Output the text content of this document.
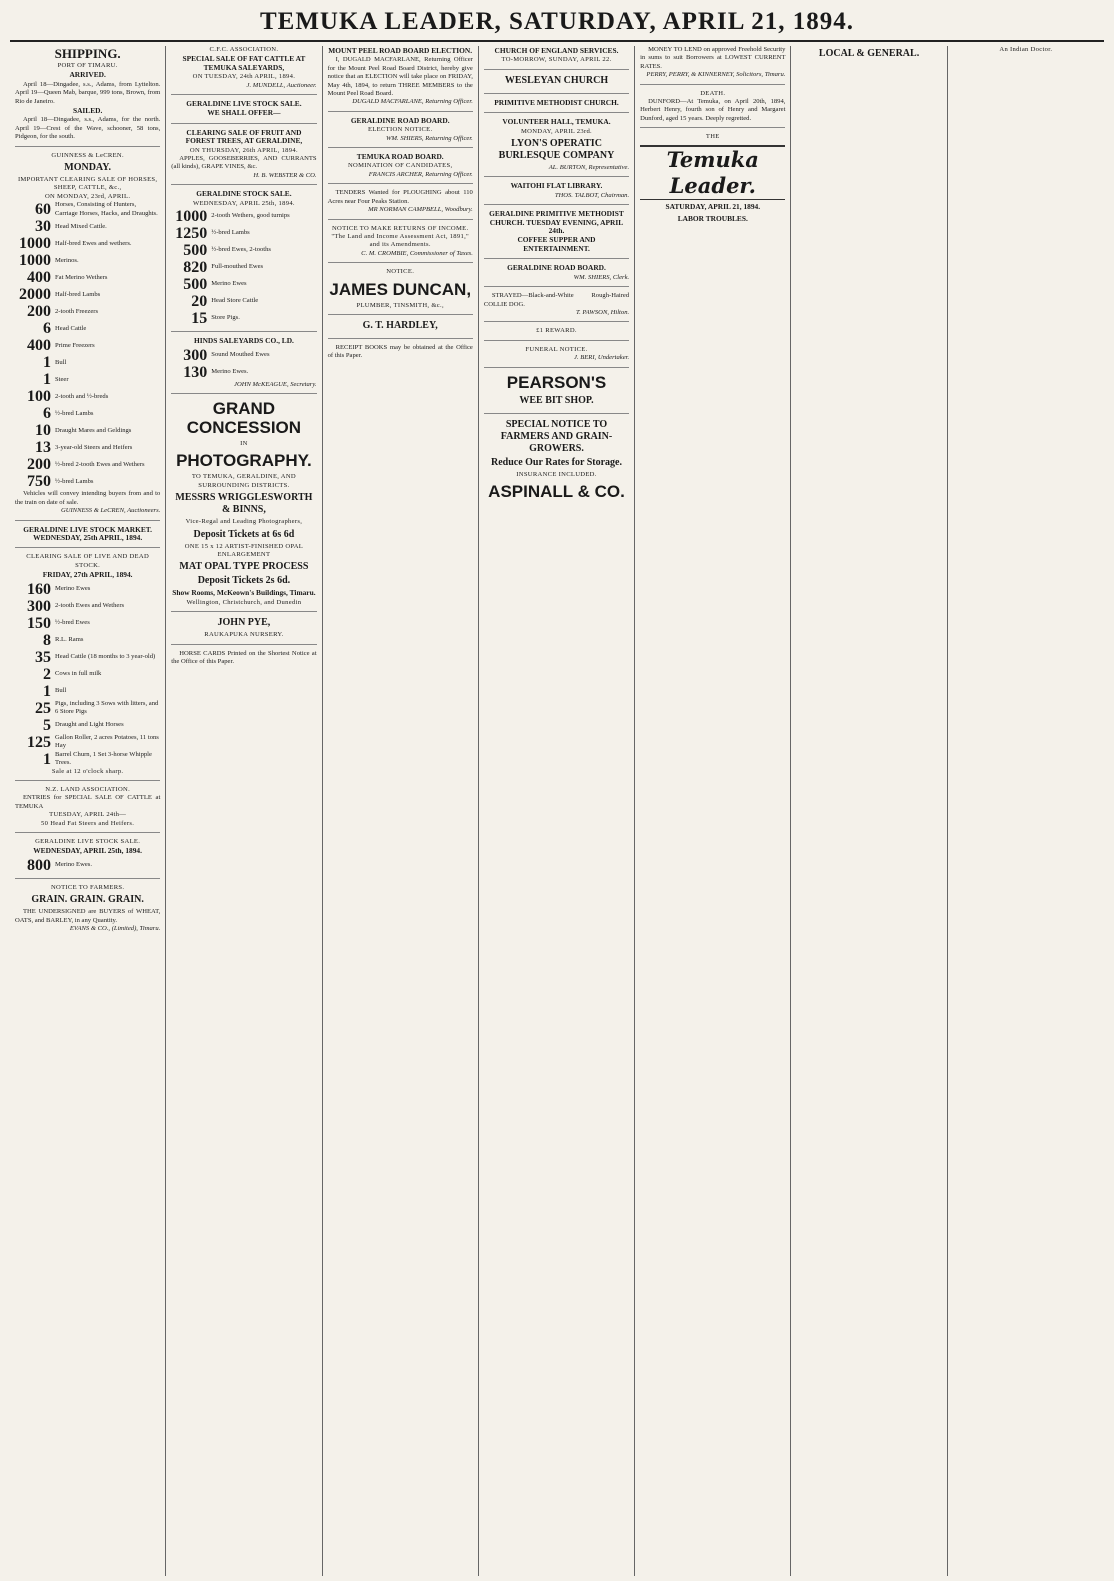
TEMUKA LEADER, SATURDAY, APRIL 21, 1894.
SHIPPING.
PORT OF TIMARU.
ARRIVED.
April 18—Dingadee, s.s., Adams, from Lyttelton. April 19—Queen Mab, barque, 999 tons, Brown, from Rio de Janeiro.
SAILED.
April 18—Dingadee, s.s., Adams, for the north. April 19—Crest of the Wave, schooner, 58 tons, Pidgeon, for the south.
GUINNESS & LeCREN.
MONDAY.
IMPORTANT CLEARING SALE OF HORSES, SHEEP, CATTLE, &c.,
ON MONDAY, 23rd, APRIL.
60 Horses, Consisting of Hunters, Carriage Horses, Hacks, and Draughts.
30 Head Mixed Cattle.
1000 Half-bred Ewes and wethers.
1000 Merinos.
400 Fat Merino Wethers
2000 Half-bred Lambs
200 2-tooth Freezers
6 Head Cattle
400 Prime Freezers
1 Bull
1 Steer
100 2-tooth and ½-breds
6 ½-bred Lambs
10 Draught Mares and Geldings
13 3-year-old Steers and Heifers
200 ½-bred 2-tooth Ewes and Wethers
750 ½-bred Lambs
Vehicles will convey intending buyers from and to the train on date of sale.
GUINNESS & LeCREN, Auctioneers.
GERALDINE LIVE STOCK MARKET. WEDNESDAY, 25th APRIL, 1894.
CLEARING SALE OF LIVE AND DEAD STOCK.
FRIDAY, 27th APRIL, 1894.
160 Merino Ewes
300 2-tooth Ewes and Wethers
150 ½-bred Ewes
8 R.L. Rams
35 Head Cattle (18 months to 3 year-old)
2 Cows in full milk
1 Bull
25 Pigs, including 3 Sows with litters, and 6 Store Pigs
5 Draught and Light Horses
125 Gallon Roller, 2 acres Potatoes, 11 tons Hay
1 Barrel Churn, 1 Set 3-horse Whipple Trees.
Sale at 12 o'clock sharp.
N.Z. LAND ASSOCIATION.
ENTRIES for SPECIAL SALE OF CATTLE at TEMUKA
TUESDAY, APRIL 24th—
50 Head Fat Steers and Heifers.
GERALDINE LIVE STOCK SALE.
WEDNESDAY, APRIL 25th, 1894.
800 Merino Ewes.
NOTICE TO FARMERS.
GRAIN. GRAIN. GRAIN.
THE UNDERSIGNED are BUYERS of WHEAT, OATS, and BARLEY, in any Quantity.
EVANS & CO., (Limited), Timaru.
C.F.C. ASSOCIATION.
SPECIAL SALE OF FAT CATTLE AT TEMUKA SALEYARDS,
ON TUESDAY, 24th APRIL, 1894.
J. MUNDELL, Auctioneer.
GERALDINE LIVE STOCK SALE.
WE SHALL OFFER—
CLEARING SALE OF FRUIT AND FOREST TREES, AT GERALDINE,
ON THURSDAY, 26th APRIL, 1894.
APPLES, GOOSEBERRIES, AND CURRANTS (all kinds), GRAPE VINES, &c.
H. B. WEBSTER & CO.
GERALDINE STOCK SALE.
WEDNESDAY, APRIL 25th, 1894.
1000 2-tooth Wethers, good turnips
1250 ½-bred Lambs
500 ½-bred Ewes, 2-tooths
820 Full-mouthed Ewes
500 Merino Ewes
20 Head Store Cattle
15 Store Pigs.
HINDS SALEYARDS CO., LD.
300 Sound Mouthed Ewes
130 Merino Ewes.
JOHN McKEAGUE, Secretary.
GRAND CONCESSION
IN
PHOTOGRAPHY.
TO TEMUKA, GERALDINE, AND SURROUNDING DISTRICTS.
MESSRS WRIGGLESWORTH & BINNS,
Vice-Regal and Leading Photographers,
Deposit Tickets at 6s 6d
ONE 15 x 12 ARTIST-FINISHED OPAL ENLARGEMENT
MAT OPAL TYPE PROCESS
Deposit Tickets 2s 6d.
Show Rooms, McKeown's Buildings, Timaru.
Wellington, Christchurch, and Dunedin
JOHN PYE,
RAUKAPUKA NURSERY.
HORSE CARDS Printed on the Shortest Notice at the Office of this Paper.
MOUNT PEEL ROAD BOARD ELECTION.
I, DUGALD MACFARLANE, Returning Officer for the Mount Peel Road Board District, hereby give notice that an ELECTION will take place on FRIDAY, May 4th, 1894, to return THREE MEMBERS to the Mount Peel Road Board.
DUGALD MACFARLANE, Returning Officer.
GERALDINE ROAD BOARD.
ELECTION NOTICE.
WM. SHIERS, Returning Officer.
TEMUKA ROAD BOARD.
NOMINATION OF CANDIDATES,
FRANCIS ARCHER, Returning Officer.
TENDERS Wanted for PLOUGHING about 110 Acres near Four Peaks Station.
MR NORMAN CAMPBELL, Woodbury.
NOTICE TO MAKE RETURNS OF INCOME.
"The Land and Income Assessment Act, 1891," and its Amendments.
C. M. CROMBIE, Commissioner of Taxes.
NOTICE.
JAMES DUNCAN,
PLUMBER, TINSMITH, &c.,
G. T. HARDLEY,
RECEIPT BOOKS may be obtained at the Office of this Paper.
CHURCH OF ENGLAND SERVICES.
TO-MORROW, SUNDAY, APRIL 22.
WESLEYAN CHURCH
PRIMITIVE METHODIST CHURCH.
VOLUNTEER HALL, TEMUKA.
MONDAY, APRIL 23rd.
LYON'S OPERATIC BURLESQUE COMPANY
AL. BURTON, Representative.
WAITOHI FLAT LIBRARY.
THOS. TALBOT, Chairman.
GERALDINE PRIMITIVE METHODIST CHURCH. TUESDAY EVENING, APRIL 24th.
COFFEE SUPPER AND ENTERTAINMENT.
GERALDINE ROAD BOARD.
WM. SHIERS, Clerk.
STRAYED—Black-and-White Rough-Haired COLLIE DOG.
T. PAWSON, Hilton.
£1 REWARD.
FUNERAL NOTICE.
J. BERI, Undertaker.
PEARSON'S
WEE BIT SHOP.
SPECIAL NOTICE TO FARMERS AND GRAIN-GROWERS.
Reduce Our Rates for Storage.
INSURANCE INCLUDED.
ASPINALL & CO.
MONEY TO LEND on approved Freehold Security in sums to suit Borrowers at LOWEST CURRENT RATES.
PERRY, PERRY, & KINNERNEY, Solicitors, Timaru.
DEATH.
DUNFORD—At Temuka, on April 20th, 1894, Herbert Henry, fourth son of Henry and Margaret Dunford, aged 15 years. Deeply regretted.
THE
Temuka Leader.
SATURDAY, APRIL 21, 1894.
LABOR TROUBLES.
LOCAL & GENERAL.	An Indian Doctor.
